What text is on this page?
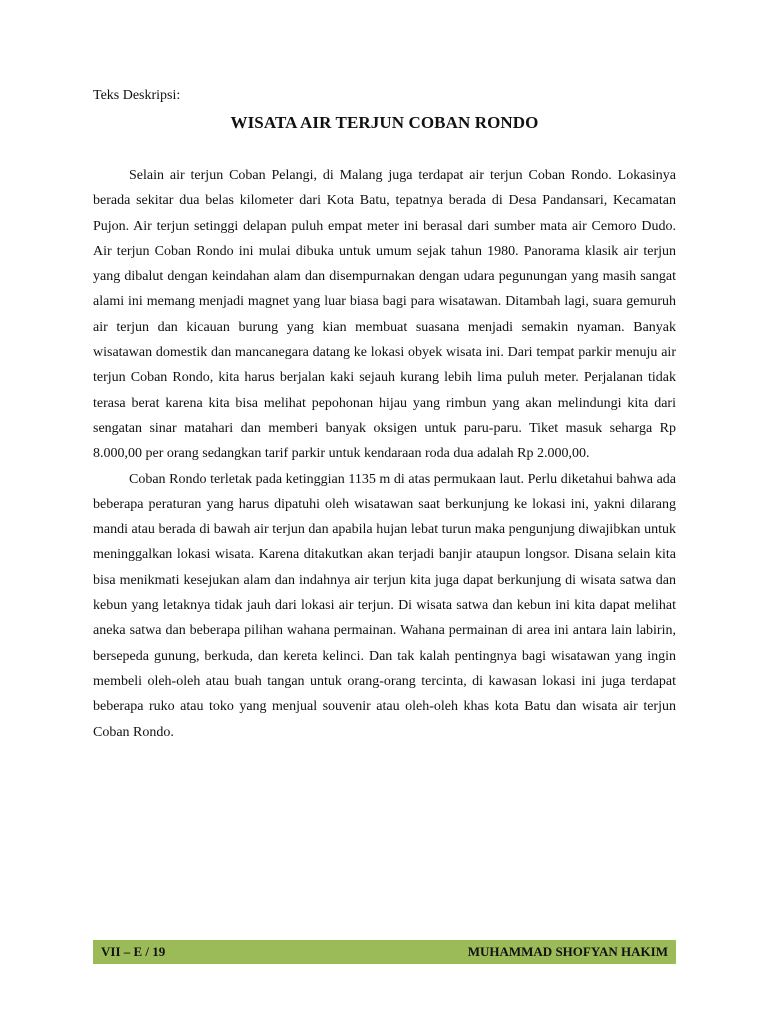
Teks Deskripsi:
WISATA AIR TERJUN COBAN RONDO

Selain air terjun Coban Pelangi, di Malang juga terdapat air terjun Coban Rondo. Lokasinya berada sekitar dua belas kilometer dari Kota Batu, tepatnya berada di Desa Pandansari, Kecamatan Pujon. Air terjun setinggi delapan puluh empat meter ini berasal dari sumber mata air Cemoro Dudo. Air terjun Coban Rondo ini mulai dibuka untuk umum sejak tahun 1980. Panorama klasik air terjun yang dibalut dengan keindahan alam dan disempurnakan dengan udara pegunungan yang masih sangat alami ini memang menjadi magnet yang luar biasa bagi para wisatawan. Ditambah lagi, suara gemuruh air terjun dan kicauan burung yang kian membuat suasana menjadi semakin nyaman. Banyak wisatawan domestik dan mancanegara datang ke lokasi obyek wisata ini. Dari tempat parkir menuju air terjun Coban Rondo, kita harus berjalan kaki sejauh kurang lebih lima puluh meter. Perjalanan tidak terasa berat karena kita bisa melihat pepohonan hijau yang rimbun yang akan melindungi kita dari sengatan sinar matahari dan memberi banyak oksigen untuk paru-paru. Tiket masuk seharga Rp 8.000,00 per orang sedangkan tarif parkir untuk kendaraan roda dua adalah Rp 2.000,00.

Coban Rondo terletak pada ketinggian 1135 m di atas permukaan laut. Perlu diketahui bahwa ada beberapa peraturan yang harus dipatuhi oleh wisatawan saat berkunjung ke lokasi ini, yakni dilarang mandi atau berada di bawah air terjun dan apabila hujan lebat turun maka pengunjung diwajibkan untuk meninggalkan lokasi wisata. Karena ditakutkan akan terjadi banjir ataupun longsor. Disana selain kita bisa menikmati kesejukan alam dan indahnya air terjun kita juga dapat berkunjung di wisata satwa dan kebun yang letaknya tidak jauh dari lokasi air terjun. Di wisata satwa dan kebun ini kita dapat melihat aneka satwa dan beberapa pilihan wahana permainan. Wahana permainan di area ini antara lain labirin, bersepeda gunung, berkuda, dan kereta kelinci. Dan tak kalah pentingnya bagi wisatawan yang ingin membeli oleh-oleh atau buah tangan untuk orang-orang tercinta, di kawasan lokasi ini juga terdapat beberapa ruko atau toko yang menjual souvenir atau oleh-oleh khas kota Batu dan wisata air terjun Coban Rondo.

VII – E / 19	MUHAMMAD SHOFYAN HAKIM
